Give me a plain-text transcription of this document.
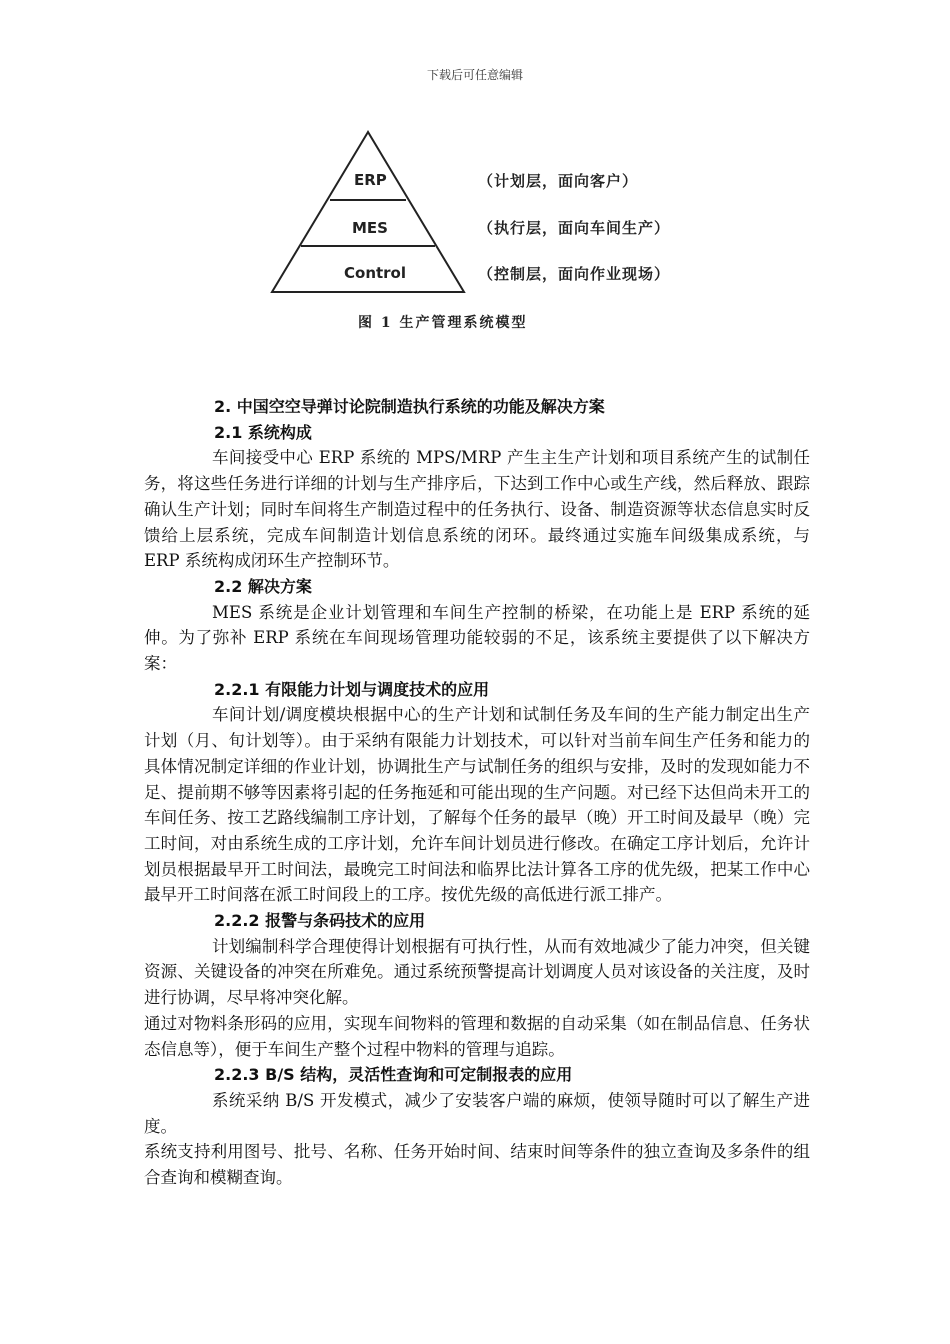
下载后可任意编辑
ERP
MES
Control
（计划层，面向客户）
（执行层，面向车间生产）
（控制层，面向作业现场）
图 1 生产管理系统模型

2. 中国空空导弹讨论院制造执行系统的功能及解决方案

2.1 系统构成

车间接受中心 ERP 系统的 MPS/MRP 产生主生产计划和项目系统产生的试制任务，将这些任务进行详细的计划与生产排序后，下达到工作中心或生产线，然后释放、跟踪确认生产计划；同时车间将生产制造过程中的任务执行、设备、制造资源等状态信息实时反馈给上层系统，完成车间制造计划信息系统的闭环。最终通过实施车间级集成系统，与 ERP 系统构成闭环生产控制环节。

2.2 解决方案

MES 系统是企业计划管理和车间生产控制的桥梁，在功能上是 ERP 系统的延伸。为了弥补 ERP 系统在车间现场管理功能较弱的不足，该系统主要提供了以下解决方案：

2.2.1 有限能力计划与调度技术的应用

车间计划/调度模块根据中心的生产计划和试制任务及车间的生产能力制定出生产计划（月、旬计划等）。由于采纳有限能力计划技术，可以针对当前车间生产任务和能力的具体情况制定详细的作业计划，协调批生产与试制任务的组织与安排，及时的发现如能力不足、提前期不够等因素将引起的任务拖延和可能出现的生产问题。对已经下达但尚未开工的车间任务、按工艺路线编制工序计划，了解每个任务的最早（晚）开工时间及最早（晚）完工时间，对由系统生成的工序计划，允许车间计划员进行修改。在确定工序计划后，允许计划员根据最早开工时间法，最晚完工时间法和临界比法计算各工序的优先级，把某工作中心最早开工时间落在派工时间段上的工序。按优先级的高低进行派工排产。

2.2.2 报警与条码技术的应用

计划编制科学合理使得计划根据有可执行性，从而有效地减少了能力冲突，但关键资源、关键设备的冲突在所难免。通过系统预警提高计划调度人员对该设备的关注度，及时进行协调，尽早将冲突化解。

通过对物料条形码的应用，实现车间物料的管理和数据的自动采集（如在制品信息、任务状态信息等），便于车间生产整个过程中物料的管理与追踪。

2.2.3 B/S 结构，灵活性查询和可定制报表的应用

系统采纳 B/S 开发模式，减少了安装客户端的麻烦，使领导随时可以了解生产进度。

系统支持利用图号、批号、名称、任务开始时间、结束时间等条件的独立查询及多条件的组合查询和模糊查询。
